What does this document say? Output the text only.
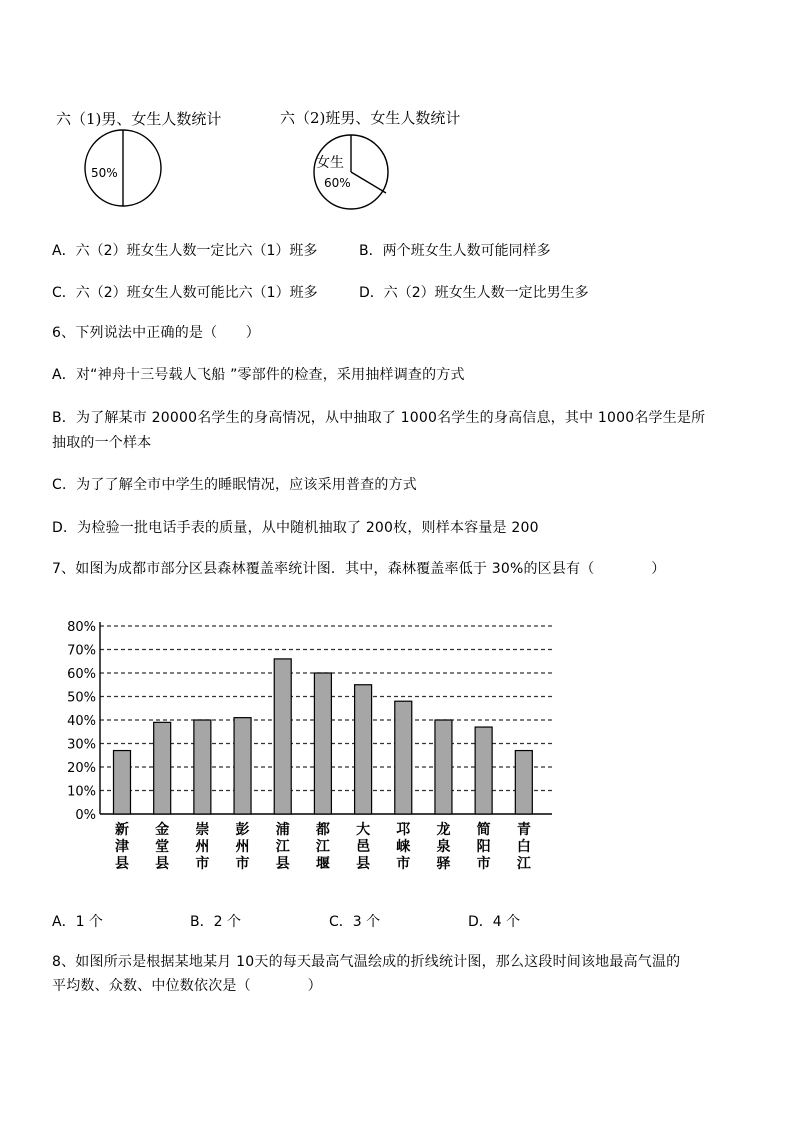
六（1)男、女生人数统计	六（2)班男、女生人数统计
50%
女生
60%
A．六（2）班女生人数一定比六（1）班多	B．两个班女生人数可能同样多
C．六（2）班女生人数可能比六（1）班多	D．六（2）班女生人数一定比男生多
6、下列说法中正确的是（　　）
A．对“神舟十三号载人飞船 ”零部件的检查，采用抽样调查的方式
B．为了解某市 20000名学生的身高情况，从中抽取了 1000名学生的身高信息，其中 1000名学生是所
抽取的一个样本
C．为了了解全市中学生的睡眠情况，应该采用普查的方式
D．为检验一批电话手表的质量，从中随机抽取了 200枚，则样本容量是 200
7、如图为成都市部分区县森林覆盖率统计图．其中，森林覆盖率低于 30%的区县有（　　　　）
0%
10%
20%
30%
40%
50%
60%
70%
80%
新津县
金堂县
崇州市
彭州市
浦江县
都江堰
大邑县
邛崃市
龙泉驿
简阳市
青白江
A．1 个	B．2 个	C．3 个	D．4 个
8、如图所示是根据某地某月 10天的每天最高气温绘成的折线统计图，那么这段时间该地最高气温的
平均数、众数、中位数依次是（　　　　）
